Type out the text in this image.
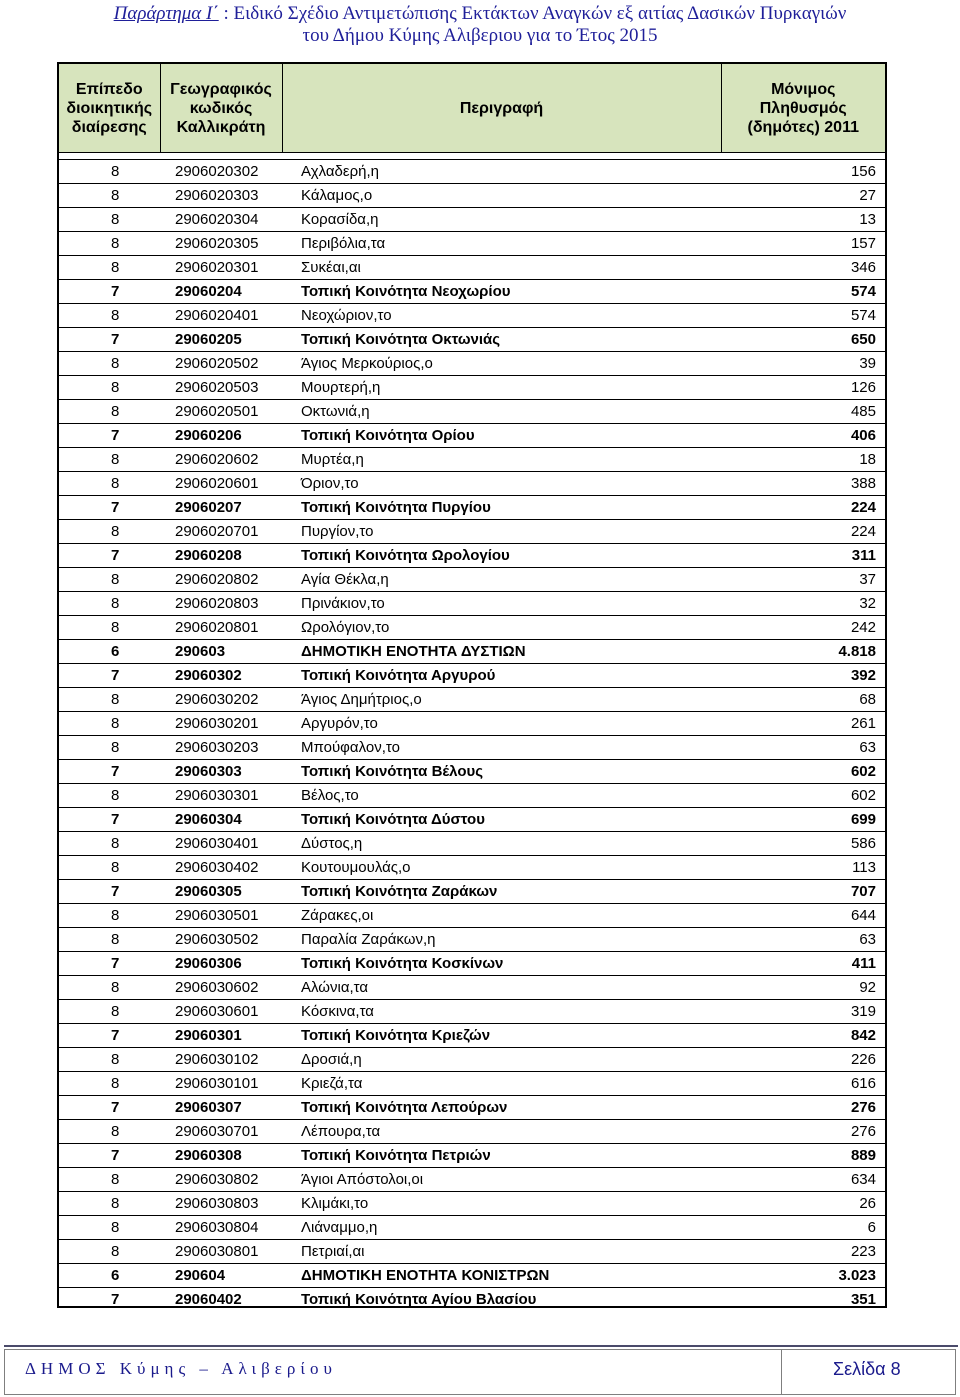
Παράρτημα Ι΄ : Ειδικό Σχέδιο Αντιμετώπισης Εκτάκτων Αναγκών εξ αιτίας Δασικών Πυρκαγιών
του Δήμου Κύμης Αλιβεριου για το Έτος 2015
Επίπεδο διοικητικής διαίρεσης	Γεωγραφικός κωδικός Καλλικράτη	Περιγραφή	Μόνιμος Πληθυσμός (δημότες) 2011

8	2906020302	Αχλαδερή,η	156
8	2906020303	Κάλαμος,ο	27
8	2906020304	Κορασίδα,η	13
8	2906020305	Περιβόλια,τα	157
8	2906020301	Συκέαι,αι	346
7	29060204	Τοπική Κοινότητα Νεοχωρίου	574
8	2906020401	Νεοχώριον,το	574
7	29060205	Τοπική Κοινότητα Οκτωνιάς	650
8	2906020502	Άγιος Μερκούριος,ο	39
8	2906020503	Μουρτερή,η	126
8	2906020501	Οκτωνιά,η	485
7	29060206	Τοπική Κοινότητα Ορίου	406
8	2906020602	Μυρτέα,η	18
8	2906020601	Όριον,το	388
7	29060207	Τοπική Κοινότητα Πυργίου	224
8	2906020701	Πυργίον,το	224
7	29060208	Τοπική Κοινότητα Ωρολογίου	311
8	2906020802	Αγία Θέκλα,η	37
8	2906020803	Πρινάκιον,το	32
8	2906020801	Ωρολόγιον,το	242
6	290603	ΔΗΜΟΤΙΚΗ ΕΝΟΤΗΤΑ ΔΥΣΤΙΩΝ	4.818
7	29060302	Τοπική Κοινότητα Αργυρού	392
8	2906030202	Άγιος Δημήτριος,ο	68
8	2906030201	Αργυρόν,το	261
8	2906030203	Μπούφαλον,το	63
7	29060303	Τοπική Κοινότητα Βέλους	602
8	2906030301	Βέλος,το	602
7	29060304	Τοπική Κοινότητα Δύστου	699
8	2906030401	Δύστος,η	586
8	2906030402	Κουτουμουλάς,ο	113
7	29060305	Τοπική Κοινότητα Ζαράκων	707
8	2906030501	Ζάρακες,οι	644
8	2906030502	Παραλία Ζαράκων,η	63
7	29060306	Τοπική Κοινότητα Κοσκίνων	411
8	2906030602	Αλώνια,τα	92
8	2906030601	Κόσκινα,τα	319
7	29060301	Τοπική Κοινότητα Κριεζών	842
8	2906030102	Δροσιά,η	226
8	2906030101	Κριεζά,τα	616
7	29060307	Τοπική Κοινότητα Λεπούρων	276
8	2906030701	Λέπουρα,τα	276
7	29060308	Τοπική Κοινότητα Πετριών	889
8	2906030802	Άγιοι Απόστολοι,οι	634
8	2906030803	Κλιμάκι,το	26
8	2906030804	Λιάναμμο,η	6
8	2906030801	Πετριαί,αι	223
6	290604	ΔΗΜΟΤΙΚΗ ΕΝΟΤΗΤΑ ΚΟΝΙΣΤΡΩΝ	3.023
7	29060402	Τοπική Κοινότητα Αγίου Βλασίου	351
ΔΗΜΟΣ Κύμης – Αλιβερίου	Σελίδα 8
